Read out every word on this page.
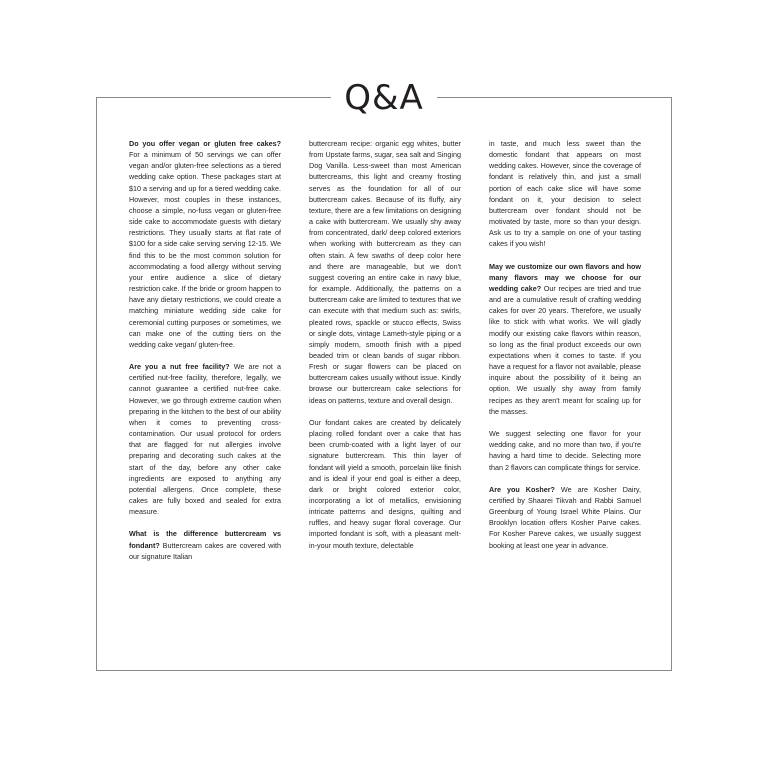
Q&A

Do you offer vegan or gluten free cakes? For a minimum of 50 servings we can offer vegan and/or gluten-free selections as a tiered wedding cake option. These packages start at $10 a serving and up for a tiered wedding cake. However, most couples in these instances, choose a simple, no-fuss vegan or gluten-free side cake to accommodate guests with dietary restrictions. They usually starts at flat rate of $100 for a side cake serving serving 12-15. We find this to be the most common solution for accommodating a food allergy without serving your entire audience a slice of dietary restriction cake. If the bride or groom happen to have any dietary restrictions, we could create a matching miniature wedding side cake for ceremonial cutting purposes or sometimes, we can make one of the cutting tiers on the wedding cake vegan/ gluten-free.

Are you a nut free facility? We are not a certified nut-free facility, therefore, legally, we cannot guarantee a certified nut-free cake. However, we go through extreme caution when preparing in the kitchen to the best of our ability when it comes to preventing cross-contamination. Our usual protocol for orders that are flagged for nut allergies involve preparing and decorating such cakes at the start of the day, before any other cake ingredients are exposed to anything any potential allergens. Once complete, these cakes are fully boxed and sealed for extra measure.

What is the difference buttercream vs fondant? Buttercream cakes are covered with our signature Italian

buttercream recipe: organic egg whites, butter from Upstate farms, sugar, sea salt and Singing Dog Vanilla. Less-sweet than most American buttercreams, this light and creamy frosting serves as the foundation for all of our buttercream cakes. Because of its fluffy, airy texture, there are a few limitations on designing a cake with buttercream. We usually shy away from concentrated, dark/ deep colored exteriors when working with buttercream as they can often stain. A few swaths of deep color here and there are manageable, but we don't suggest covering an entire cake in navy blue, for example. Additionally, the patterns on a buttercream cake are limited to textures that we can execute with that medium such as: swirls, pleated rows, spackle or stucco effects, Swiss or single dots, vintage Lameth-style piping or a simply modern, smooth finish with a piped beaded trim or clean bands of sugar ribbon. Fresh or sugar flowers can be placed on buttercream cakes usually without issue. Kindly browse our buttercream cake selections for ideas on patterns, texture and overall design.

Our fondant cakes are created by delicately placing rolled fondant over a cake that has been crumb-coated with a light layer of our signature buttercream. This thin layer of fondant will yield a smooth, porcelain like finish and is ideal if your end goal is either a deep, dark or bright colored exterior color, incorporating a lot of metallics, envisioning intricate patterns and designs, quilting and ruffles, and heavy sugar floral coverage. Our imported fondant is soft, with a pleasant melt-in-your mouth texture, delectable

in taste, and much less sweet than the domestic fondant that appears on most wedding cakes. However, since the coverage of fondant is relatively thin, and just a small portion of each cake slice will have some fondant on it, your decision to select buttercream over fondant should not be motivated by taste, more so than your design. Ask us to try a sample on one of your tasting cakes if you wish!

May we customize our own flavors and how many flavors may we choose for our wedding cake? Our recipes are tried and true and are a cumulative result of crafting wedding cakes for over 20 years. Therefore, we usually like to stick with what works. We will gladly modify our existing cake flavors within reason, so long as the final product exceeds our own expectations when it comes to taste. If you have a request for a flavor not available, please inquire about the possibility of it being an option. We usually shy away from family recipes as they aren't meant for scaling up for the masses.

We suggest selecting one flavor for your wedding cake, and no more than two, if you're having a hard time to decide. Selecting more than 2 flavors can complicate things for service.

Are you Kosher? We are Kosher Dairy, certified by Shaarei Tikvah and Rabbi Samuel Greenburg of Young Israel White Plains. Our Brooklyn location offers Kosher Parve cakes. For Kosher Pareve cakes, we usually suggest booking at least one year in advance.
